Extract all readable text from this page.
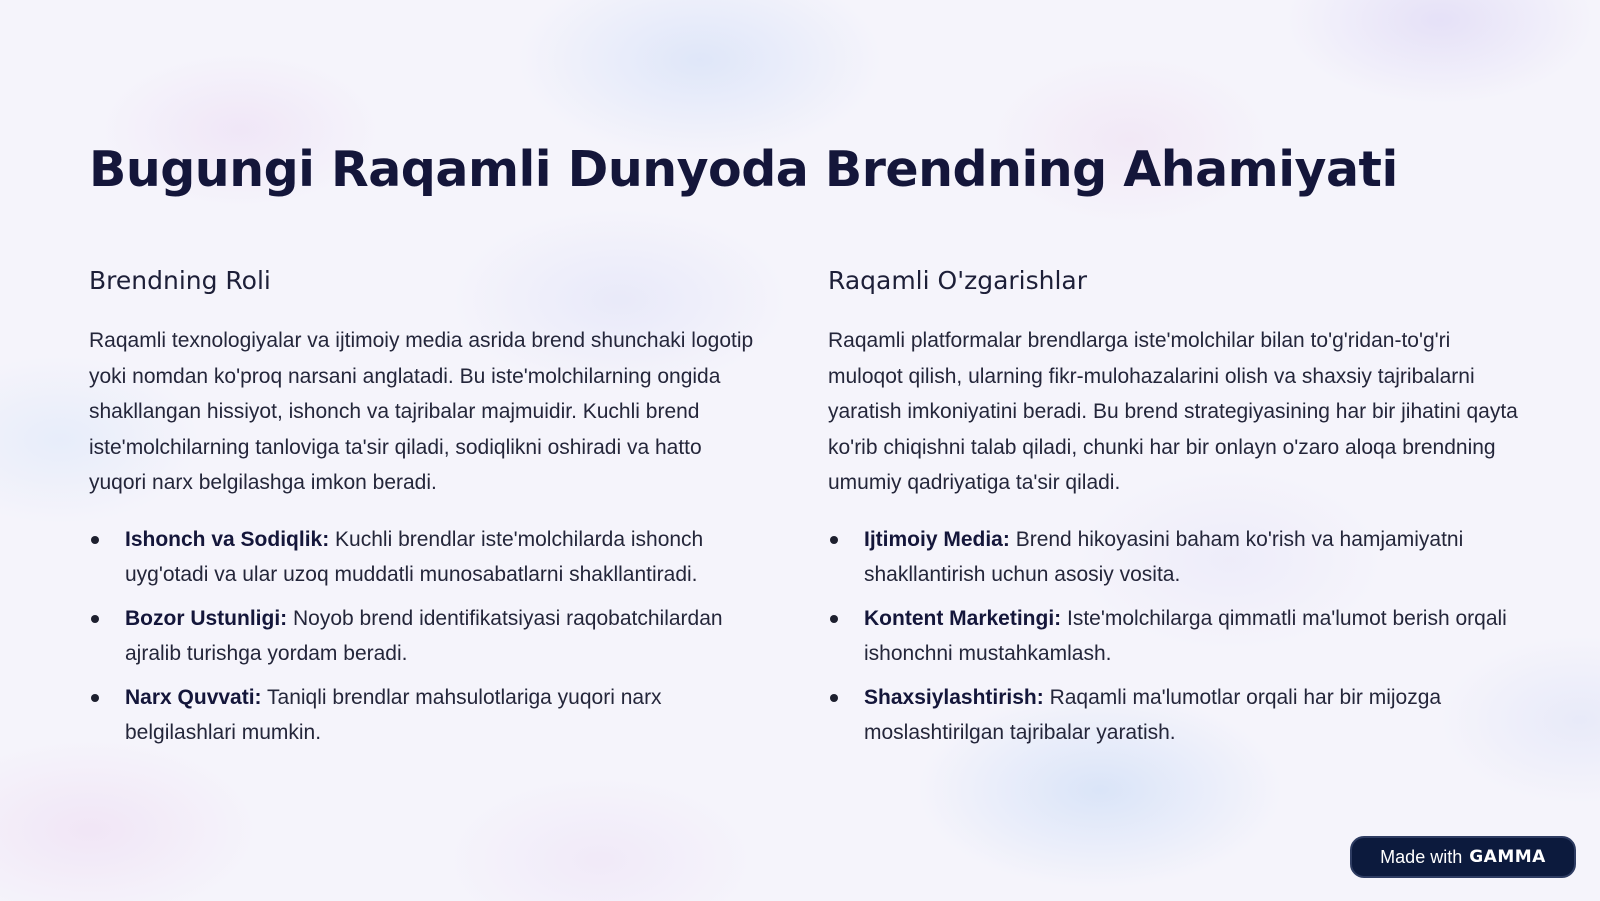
Bugungi Raqamli Dunyoda Brendning Ahamiyati
Brendning Roli

Raqamli texnologiyalar va ijtimoiy media asrida brend shunchaki logotip yoki nomdan ko'proq narsani anglatadi. Bu iste'molchilarning ongida shakllangan hissiyot, ishonch va tajribalar majmuidir. Kuchli brend iste'molchilarning tanloviga ta'sir qiladi, sodiqlikni oshiradi va hatto yuqori narx belgilashga imkon beradi.

Ishonch va Sodiqlik: Kuchli brendlar iste'molchilarda ishonch uyg'otadi va ular uzoq muddatli munosabatlarni shakllantiradi.
Bozor Ustunligi: Noyob brend identifikatsiyasi raqobatchilardan ajralib turishga yordam beradi.
Narx Quvvati: Taniqli brendlar mahsulotlariga yuqori narx belgilashlari mumkin.
Raqamli O'zgarishlar

Raqamli platformalar brendlarga iste'molchilar bilan to'g'ridan-to'g'ri muloqot qilish, ularning fikr-mulohazalarini olish va shaxsiy tajribalarni yaratish imkoniyatini beradi. Bu brend strategiyasining har bir jihatini qayta ko'rib chiqishni talab qiladi, chunki har bir onlayn o'zaro aloqa brendning umumiy qadriyatiga ta'sir qiladi.

Ijtimoiy Media: Brend hikoyasini baham ko'rish va hamjamiyatni shakllantirish uchun asosiy vosita.
Kontent Marketingi: Iste'molchilarga qimmatli ma'lumot berish orqali ishonchni mustahkamlash.
Shaxsiylashtirish: Raqamli ma'lumotlar orqali har bir mijozga moslashtirilgan tajribalar yaratish.
Made with GAMMA
